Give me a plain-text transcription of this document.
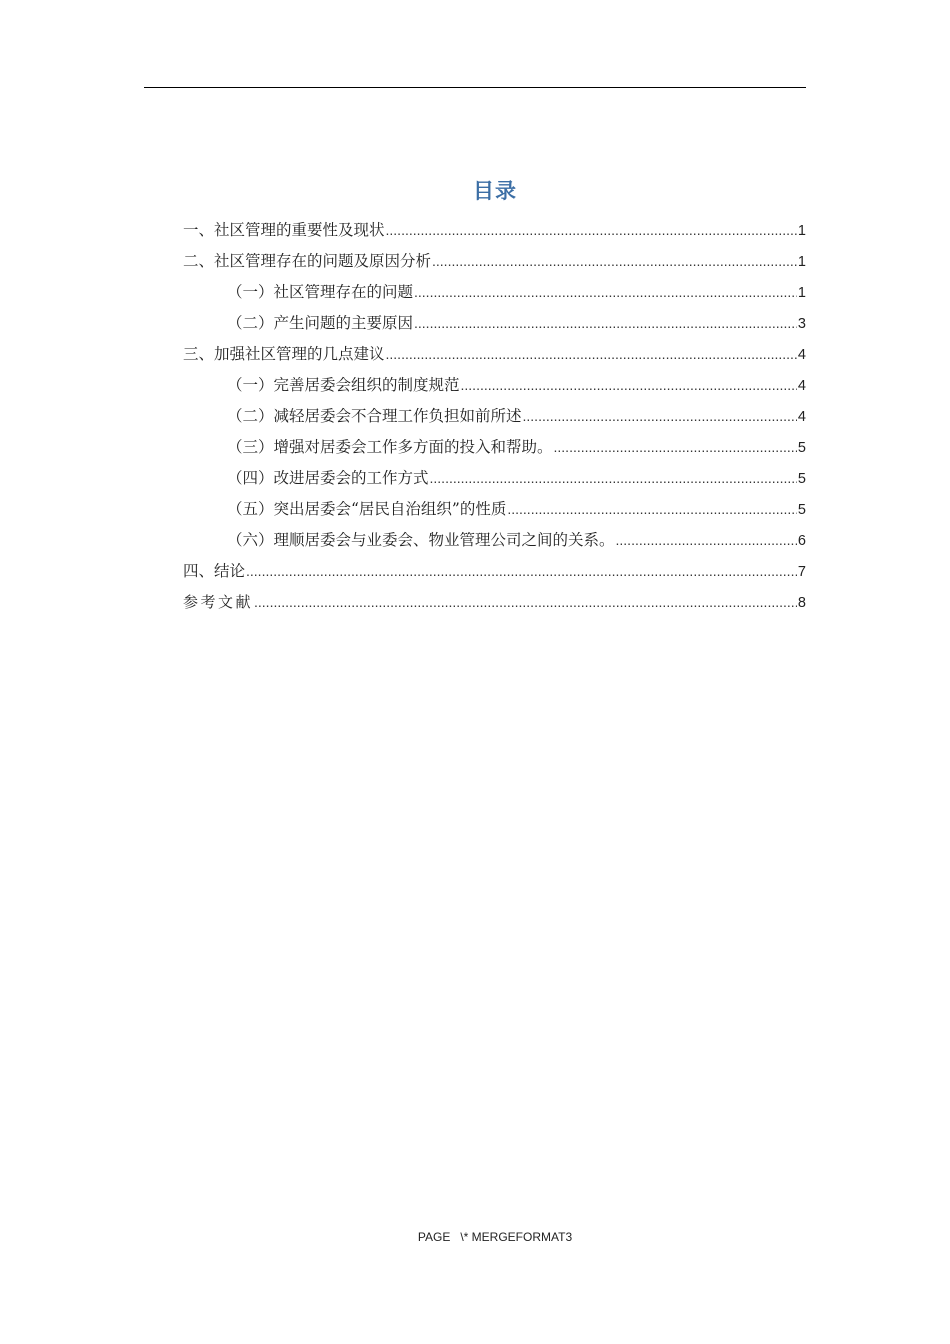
目录
一、社区管理的重要性及现状 .....	1
二、社区管理存在的问题及原因分析 .....	1
（一）社区管理存在的问题 .....	1
（二）产生问题的主要原因 .....	3
三、加强社区管理的几点建议 .....	4
（一）完善居委会组织的制度规范 .....	4
（二）减轻居委会不合理工作负担如前所述 .....	4
（三）增强对居委会工作多方面的投入和帮助。 .....	5
（四）改进居委会的工作方式 .....	5
（五）突出居委会“居民自治组织”的性质 .....	5
（六）理顺居委会与业委会、物业管理公司之间的关系。 .....	6
四、结论 .....	7
参考文献 .....	8
PAGE   \* MERGEFORMAT3
